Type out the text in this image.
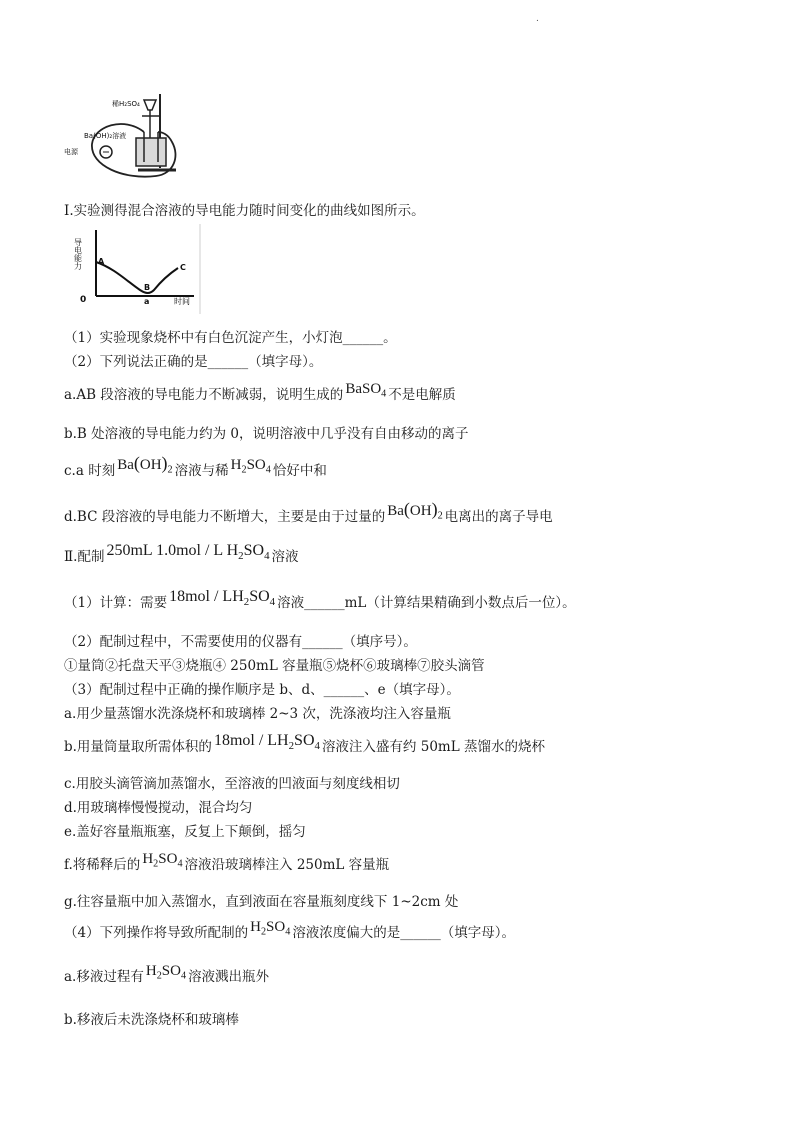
.
稀H₂SO₄
Ba(OH)₂溶液
电源
Ⅰ.实验测得混合溶液的导电能力随时间变化的曲线如图所示。
导电能力 A
B
C
0	a	时间
（1）实验现象烧杯中有白色沉淀产生，小灯泡______。
（2）下列说法正确的是______（填字母）。
a.AB 段溶液的导电能力不断减弱，说明生成的 BaSO$_4$ 不是电解质
b.B 处溶液的导电能力约为 0，说明溶液中几乎没有自由移动的离子
c.a 时刻 $Ba(OH)_2$ 溶液与稀 $H_2SO_4$ 恰好中和
d.BC 段溶液的导电能力不断增大，主要是由于过量的 $Ba(OH)_2$ 电离出的离子导电
Ⅱ.配制 250mL 1.0mol / L $H_2SO_4$ 溶液
（1）计算：需要 $18mol / LH_2SO_4$ 溶液______mL（计算结果精确到小数点后一位）。
（2）配制过程中，不需要使用的仪器有______（填序号）。
①量筒②托盘天平③烧瓶④ 250mL 容量瓶⑤烧杯⑥玻璃棒⑦胶头滴管
（3）配制过程中正确的操作顺序是 b、d、______、e（填字母）。
a.用少量蒸馏水洗涤烧杯和玻璃棒 2~3 次，洗涤液均注入容量瓶
b.用量筒量取所需体积的 $18mol / LH_2SO_4$ 溶液注入盛有约 50mL 蒸馏水的烧杯
c.用胶头滴管滴加蒸馏水，至溶液的凹液面与刻度线相切
d.用玻璃棒慢慢搅动，混合均匀
e.盖好容量瓶瓶塞，反复上下颠倒，摇匀
f.将稀释后的 $H_2SO_4$ 溶液沿玻璃棒注入 250mL 容量瓶
g.往容量瓶中加入蒸馏水，直到液面在容量瓶刻度线下 1~2cm 处
（4）下列操作将导致所配制的 $H_2SO_4$ 溶液浓度偏大的是______（填字母）。
a.移液过程有 $H_2SO_4$ 溶液溅出瓶外
b.移液后未洗涤烧杯和玻璃棒
